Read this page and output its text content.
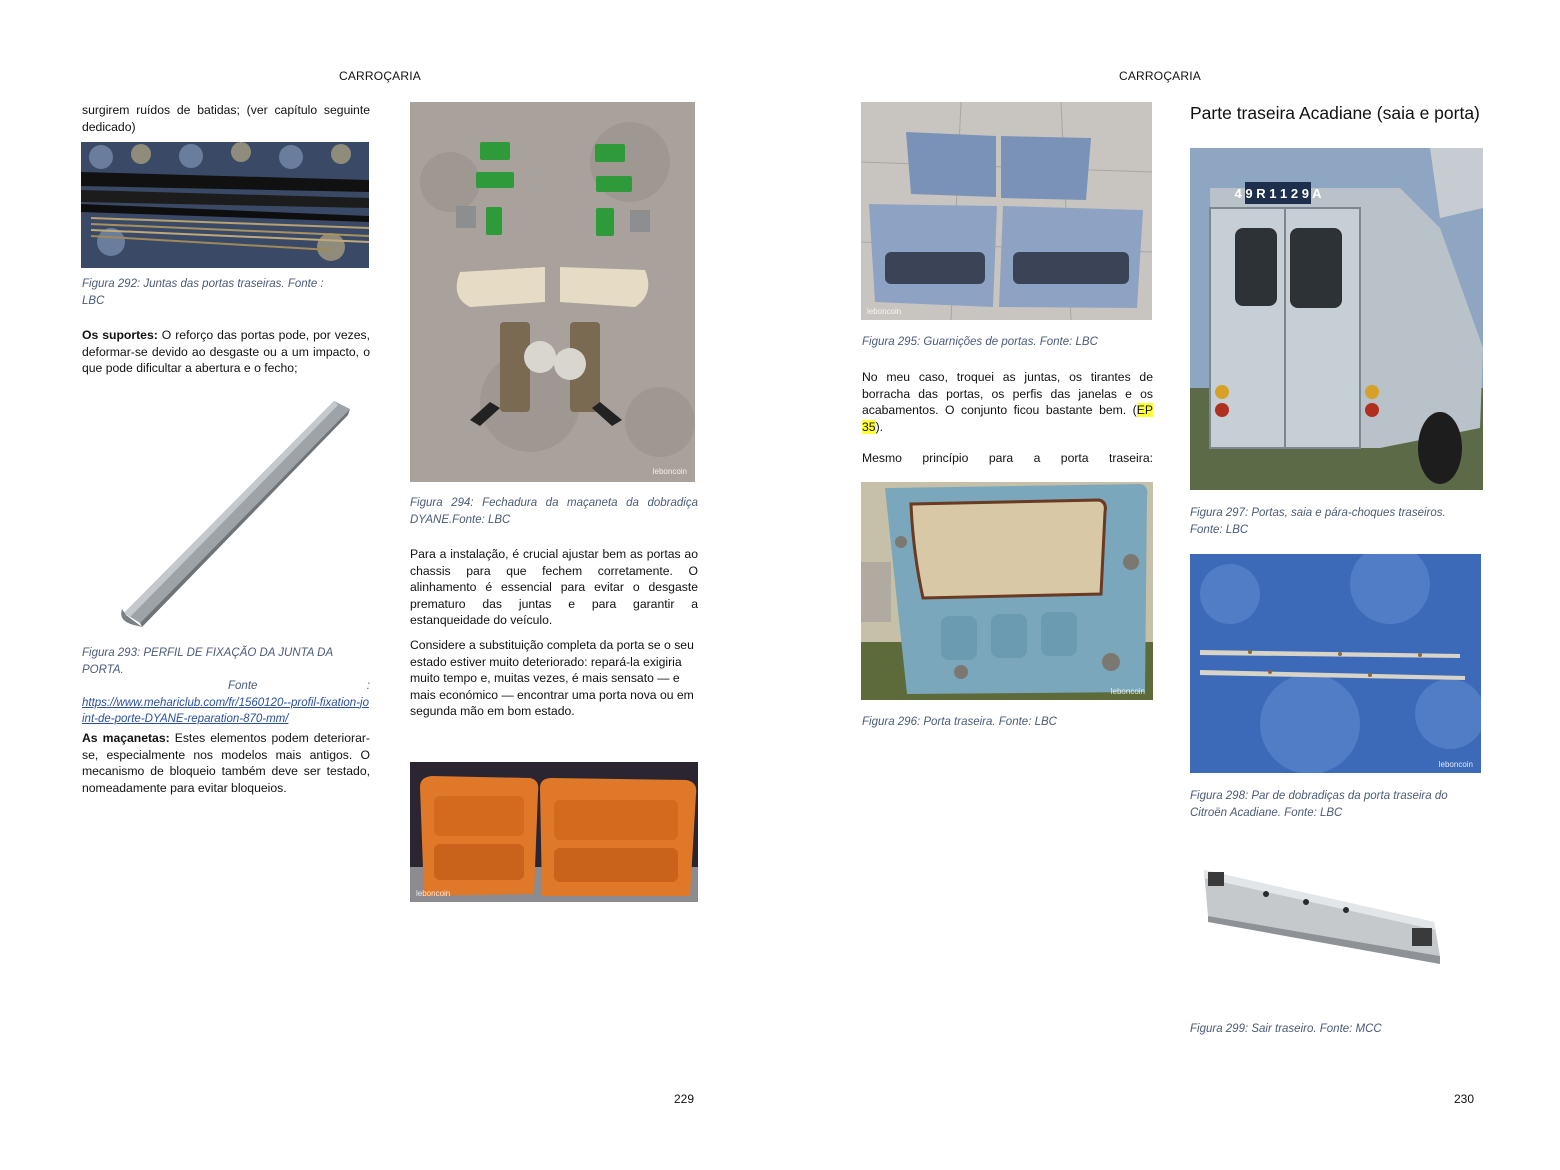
CARROÇARIA
surgirem ruídos de batidas; (ver capítulo seguinte dedicado)
Figura 292: Juntas das portas traseiras. Fonte : LBC
Os suportes: O reforço das portas pode, por vezes, deformar-se devido ao desgaste ou a um impacto, o que pode dificultar a abertura e o fecho;
Figura 293: PERFIL DE FIXAÇÃO DA JUNTA DA PORTA.
Fonte	:
https://www.mehariclub.com/fr/1560120--profil-fixation-joint-de-porte-DYANE-reparation-870-mm/
As maçanetas: Estes elementos podem deteriorar-se, especialmente nos modelos mais antigos. O mecanismo de bloqueio também deve ser testado, nomeadamente para evitar bloqueios.
leboncoin
Figura 294: Fechadura da maçaneta da dobradiça DYANE.Fonte: LBC
Para a instalação, é crucial ajustar bem as portas ao chassis para que fechem corretamente. O alinhamento é essencial para evitar o desgaste prematuro das juntas e para garantir a estanqueidade do veículo.
Considere a substituição completa da porta se o seu estado estiver muito deteriorado: repará-la exigiria muito tempo e, muitas vezes, é mais sensato — e mais económico — encontrar uma porta nova ou em segunda mão em bom estado.
leboncoin
229
CARROÇARIA
leboncoin
Figura 295: Guarnições de portas. Fonte: LBC
No meu caso, troquei as juntas, os tirantes de borracha das portas, os perfis das janelas e os acabamentos. O conjunto ficou bastante bem. (EP 35).
Mesmo princípio para a porta traseira:
leboncoin
Figura 296: Porta traseira. Fonte: LBC
Parte traseira Acadiane (saia e porta)
4 9 R 1 1 2 9 A
Figura 297: Portas, saia e pára-choques traseiros. Fonte: LBC
leboncoin
Figura 298: Par de dobradiças da porta traseira do Citroën Acadiane. Fonte: LBC
Figura 299: Sair traseiro. Fonte: MCC
230
